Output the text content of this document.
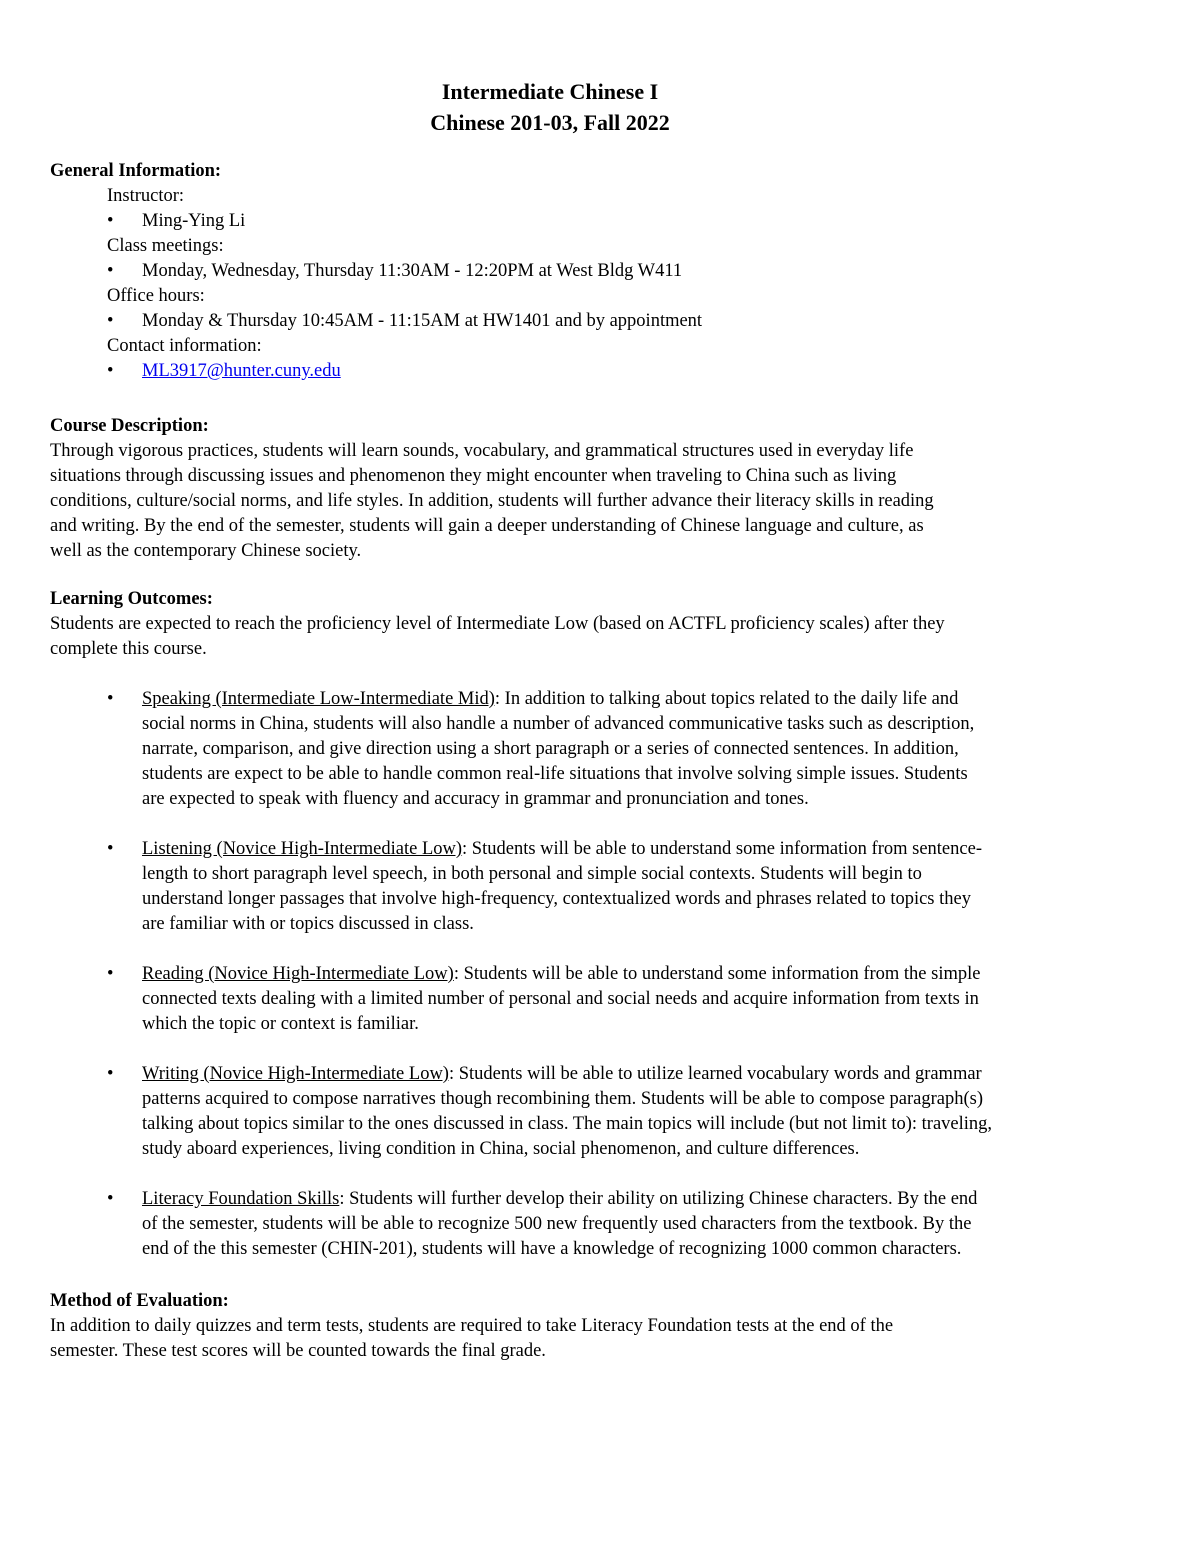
Intermediate Chinese I
Chinese 201-03, Fall 2022
General Information:
Instructor:
• Ming-Ying Li
Class meetings:
• Monday, Wednesday, Thursday 11:30AM - 12:20PM at West Bldg W411
Office hours:
• Monday & Thursday 10:45AM - 11:15AM at HW1401 and by appointment
Contact information:
• ML3917@hunter.cuny.edu
Course Description:
Through vigorous practices, students will learn sounds, vocabulary, and grammatical structures used in everyday life
situations through discussing issues and phenomenon they might encounter when traveling to China such as living
conditions, culture/social norms, and life styles. In addition, students will further advance their literacy skills in reading
and writing. By the end of the semester, students will gain a deeper understanding of Chinese language and culture, as
well as the contemporary Chinese society.
Learning Outcomes:
Students are expected to reach the proficiency level of Intermediate Low (based on ACTFL proficiency scales) after they
complete this course.
• Speaking (Intermediate Low-Intermediate Mid): In addition to talking about topics related to the daily life and
social norms in China, students will also handle a number of advanced communicative tasks such as description,
narrate, comparison, and give direction using a short paragraph or a series of connected sentences. In addition,
students are expect to be able to handle common real-life situations that involve solving simple issues. Students
are expected to speak with fluency and accuracy in grammar and pronunciation and tones.
• Listening (Novice High-Intermediate Low): Students will be able to understand some information from sentence-
length to short paragraph level speech, in both personal and simple social contexts. Students will begin to
understand longer passages that involve high-frequency, contextualized words and phrases related to topics they
are familiar with or topics discussed in class.
• Reading (Novice High-Intermediate Low): Students will be able to understand some information from the simple
connected texts dealing with a limited number of personal and social needs and acquire information from texts in
which the topic or context is familiar.
• Writing (Novice High-Intermediate Low): Students will be able to utilize learned vocabulary words and grammar
patterns acquired to compose narratives though recombining them. Students will be able to compose paragraph(s)
talking about topics similar to the ones discussed in class. The main topics will include (but not limit to): traveling,
study aboard experiences, living condition in China, social phenomenon, and culture differences.
• Literacy Foundation Skills: Students will further develop their ability on utilizing Chinese characters. By the end
of the semester, students will be able to recognize 500 new frequently used characters from the textbook. By the
end of the this semester (CHIN-201), students will have a knowledge of recognizing 1000 common characters.
Method of Evaluation:
In addition to daily quizzes and term tests, students are required to take Literacy Foundation tests at the end of the
semester. These test scores will be counted towards the final grade.
